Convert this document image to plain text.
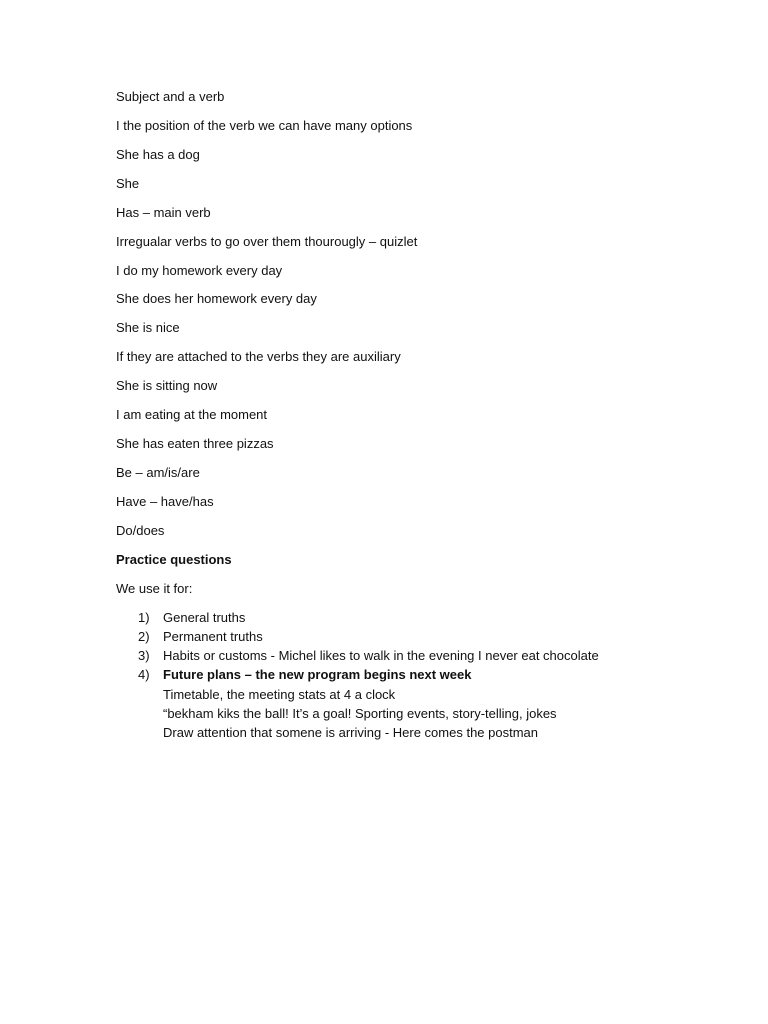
Subject and a verb
I the position of the verb we can have many options
She has a dog
She
Has – main verb
Irregualar verbs to go over them thourougly – quizlet
I do my homework every day
She does her homework every day
She is nice
If they are attached to the verbs they are auxiliary
She is sitting now
I am eating at the moment
She has eaten three pizzas
Be – am/is/are
Have – have/has
Do/does
Practice questions
We use it for:
1) General truths
2) Permanent truths
3) Habits or customs - Michel likes to walk in the evening I never eat chocolate
4) Future plans – the new program begins next week
Timetable, the meeting stats at 4 a clock
“bekham kiks the ball! It’s a goal! Sporting events, story-telling, jokes
Draw attention that somene is arriving - Here comes the postman
